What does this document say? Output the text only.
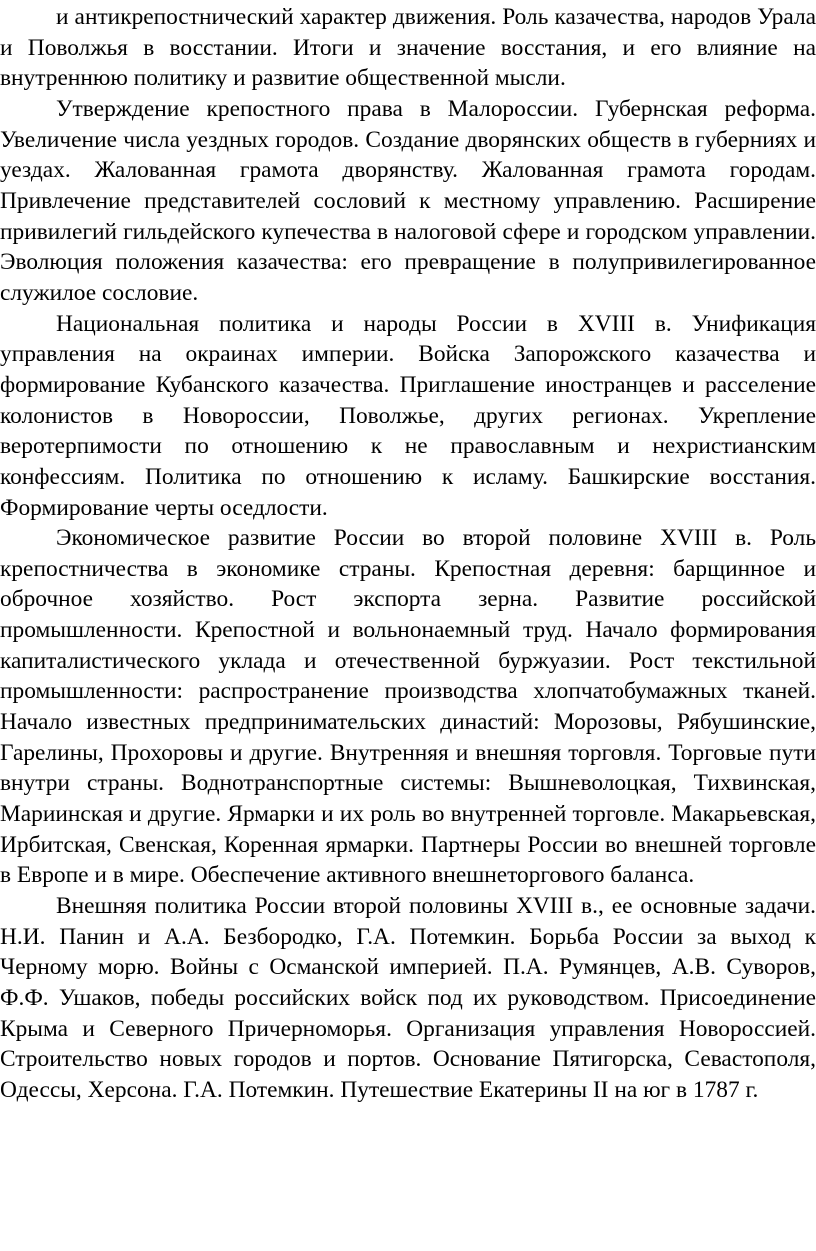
и антикрепостнический характер движения. Роль казачества, народов Урала и Поволжья в восстании. Итоги и значение восстания, и его влияние на внутреннюю политику и развитие общественной мысли.

Утверждение крепостного права в Малороссии. Губернская реформа. Увеличение числа уездных городов. Создание дворянских обществ в губерниях и уездах. Жалованная грамота дворянству. Жалованная грамота городам. Привлечение представителей сословий к местному управлению. Расширение привилегий гильдейского купечества в налоговой сфере и городском управлении. Эволюция положения казачества: его превращение в полупривилегированное служилое сословие.

Национальная политика и народы России в XVIII в. Унификация управления на окраинах империи. Войска Запорожского казачества и формирование Кубанского казачества. Приглашение иностранцев и расселение колонистов в Новороссии, Поволжье, других регионах. Укрепление веротерпимости по отношению к не православным и нехристианским конфессиям. Политика по отношению к исламу. Башкирские восстания. Формирование черты оседлости.

Экономическое развитие России во второй половине XVIII в. Роль крепостничества в экономике страны. Крепостная деревня: барщинное и оброчное хозяйство. Рост экспорта зерна. Развитие российской промышленности. Крепостной и вольнонаемный труд. Начало формирования капиталистического уклада и отечественной буржуазии. Рост текстильной промышленности: распространение производства хлопчатобумажных тканей. Начало известных предпринимательских династий: Морозовы, Рябушинские, Гарелины, Прохоровы и другие. Внутренняя и внешняя торговля. Торговые пути внутри страны. Воднотранспортные системы: Вышневолоцкая, Тихвинская, Мариинская и другие. Ярмарки и их роль во внутренней торговле. Макарьевская, Ирбитская, Свенская, Коренная ярмарки. Партнеры России во внешней торговле в Европе и в мире. Обеспечение активного внешнеторгового баланса.

Внешняя политика России второй половины XVIII в., ее основные задачи. Н.И. Панин и А.А. Безбородко, Г.А. Потемкин. Борьба России за выход к Черному морю. Войны с Османской империей. П.А. Румянцев, А.В. Суворов, Ф.Ф. Ушаков, победы российских войск под их руководством. Присоединение Крыма и Северного Причерноморья. Организация управления Новороссией. Строительство новых городов и портов. Основание Пятигорска, Севастополя, Одессы, Херсона. Г.А. Потемкин. Путешествие Екатерины II на юг в 1787 г.
